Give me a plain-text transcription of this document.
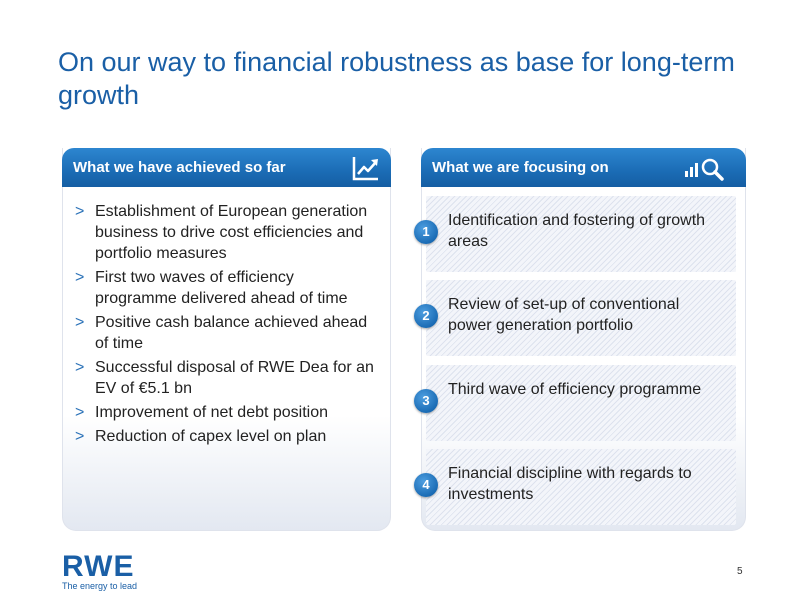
On our way to financial robustness as base for long-term growth
What we have achieved so far
> Establishment of European generation business to drive cost efficiencies and portfolio measures
> First two waves of efficiency programme delivered ahead of time
> Positive cash balance achieved ahead of time
> Successful disposal of RWE Dea for an EV of €5.1 bn
> Improvement of net debt position
> Reduction of capex level on plan
What we are focusing on
1
Identification and fostering of growth areas
2
Review of set-up of conventional power generation portfolio
3
Third wave of efficiency programme
4
Financial discipline with regards to investments
RWE
The energy to lead
5
